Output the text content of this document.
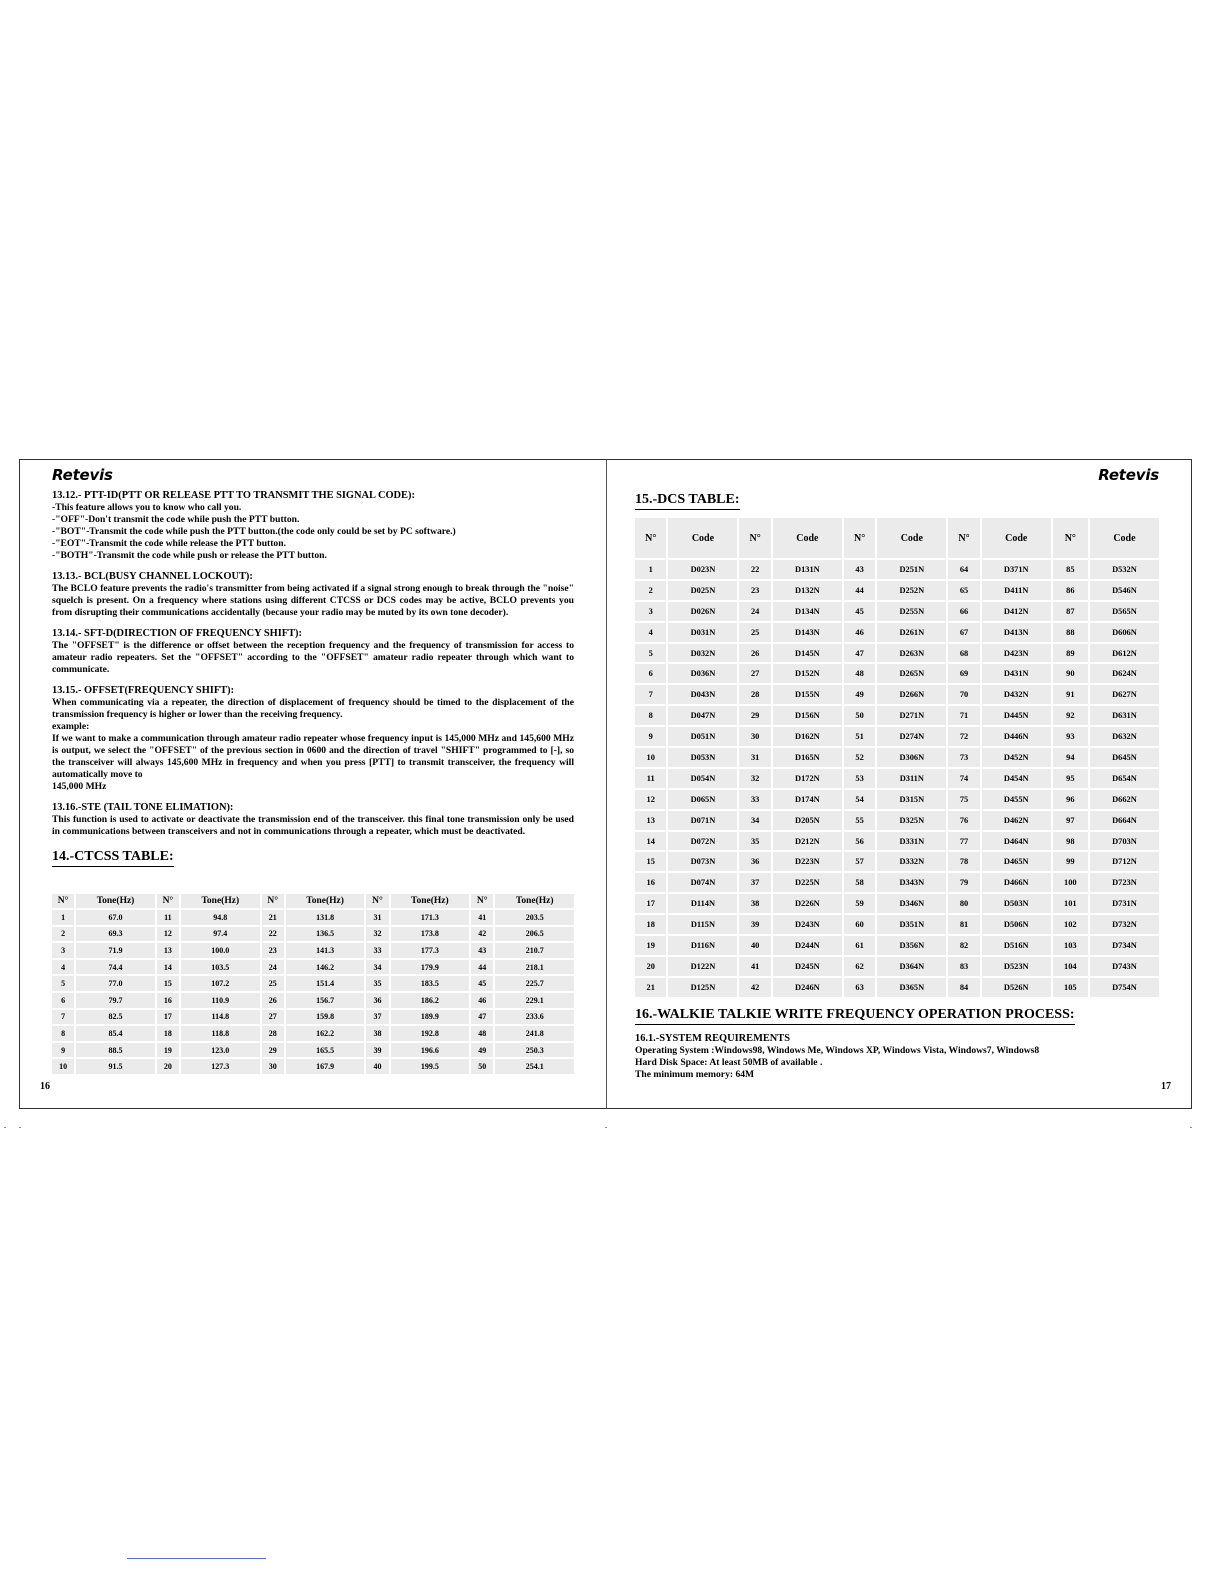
Retevis
13.12.- PTT-ID(PTT OR RELEASE PTT TO TRANSMIT THE SIGNAL CODE):
-This feature allows you to know who call you.
-"OFF"-Don't transmit the code while push the PTT button.
-"BOT"-Transmit the code while push the PTT button.(the code only could be set by PC software.)
-"EOT"-Transmit the code while release the PTT button.
-"BOTH"-Transmit the code while push or release the PTT button.
13.13.- BCL(BUSY CHANNEL LOCKOUT):
The BCLO feature prevents the radio's transmitter from being activated if a signal strong enough to break through the "noise" squelch is present. On a frequency where stations using different CTCSS or DCS codes may be active, BCLO prevents you from disrupting their communications accidentally (because your radio may be muted by its own tone decoder).
13.14.- SFT-D(DIRECTION OF FREQUENCY SHIFT):
The "OFFSET" is the difference or offset between the reception frequency and the frequency of transmission for access to amateur radio repeaters. Set the "OFFSET" according to the "OFFSET" amateur radio repeater through which want to communicate.
13.15.- OFFSET(FREQUENCY SHIFT):
When communicating via a repeater, the direction of displacement of frequency should be timed to the displacement of the transmission frequency is higher or lower than the receiving frequency.
example:
If we want to make a communication through amateur radio repeater whose frequency input is 145,000 MHz and 145,600 MHz is output, we select the "OFFSET" of the previous section in 0600 and the direction of travel "SHIFT" programmed to [-], so the transceiver will always 145,600 MHz in frequency and when you press [PTT] to transmit transceiver, the frequency will automatically move to
145,000 MHz
13.16.-STE (TAIL TONE ELIMATION):
This function is used to activate or deactivate the transmission end of the transceiver. this final tone transmission only be used in communications between transceivers and not in communications through a repeater, which must be deactivated.
14.-CTCSS TABLE:
N°	Tone(Hz)	N°	Tone(Hz)	N°	Tone(Hz)	N°	Tone(Hz)	N°	Tone(Hz)
1	67.0	11	94.8	21	131.8	31	171.3	41	203.5
2	69.3	12	97.4	22	136.5	32	173.8	42	206.5
3	71.9	13	100.0	23	141.3	33	177.3	43	210.7
4	74.4	14	103.5	24	146.2	34	179.9	44	218.1
5	77.0	15	107.2	25	151.4	35	183.5	45	225.7
6	79.7	16	110.9	26	156.7	36	186.2	46	229.1
7	82.5	17	114.8	27	159.8	37	189.9	47	233.6
8	85.4	18	118.8	28	162.2	38	192.8	48	241.8
9	88.5	19	123.0	29	165.5	39	196.6	49	250.3
10	91.5	20	127.3	30	167.9	40	199.5	50	254.1
16
Retevis
15.-DCS TABLE:
N°	Code	N°	Code	N°	Code	N°	Code	N°	Code
1	D023N	22	D131N	43	D251N	64	D371N	85	D532N
2	D025N	23	D132N	44	D252N	65	D411N	86	D546N
3	D026N	24	D134N	45	D255N	66	D412N	87	D565N
4	D031N	25	D143N	46	D261N	67	D413N	88	D606N
5	D032N	26	D145N	47	D263N	68	D423N	89	D612N
6	D036N	27	D152N	48	D265N	69	D431N	90	D624N
7	D043N	28	D155N	49	D266N	70	D432N	91	D627N
8	D047N	29	D156N	50	D271N	71	D445N	92	D631N
9	D051N	30	D162N	51	D274N	72	D446N	93	D632N
10	D053N	31	D165N	52	D306N	73	D452N	94	D645N
11	D054N	32	D172N	53	D311N	74	D454N	95	D654N
12	D065N	33	D174N	54	D315N	75	D455N	96	D662N
13	D071N	34	D205N	55	D325N	76	D462N	97	D664N
14	D072N	35	D212N	56	D331N	77	D464N	98	D703N
15	D073N	36	D223N	57	D332N	78	D465N	99	D712N
16	D074N	37	D225N	58	D343N	79	D466N	100	D723N
17	D114N	38	D226N	59	D346N	80	D503N	101	D731N
18	D115N	39	D243N	60	D351N	81	D506N	102	D732N
19	D116N	40	D244N	61	D356N	82	D516N	103	D734N
20	D122N	41	D245N	62	D364N	83	D523N	104	D743N
21	D125N	42	D246N	63	D365N	84	D526N	105	D754N
16.-WALKIE TALKIE WRITE FREQUENCY OPERATION PROCESS:
16.1.-SYSTEM REQUIREMENTS
Operating System :Windows98, Windows Me, Windows XP, Windows Vista, Windows7, Windows8
Hard Disk Space: At least 50MB of available .
The minimum memory: 64M
17
